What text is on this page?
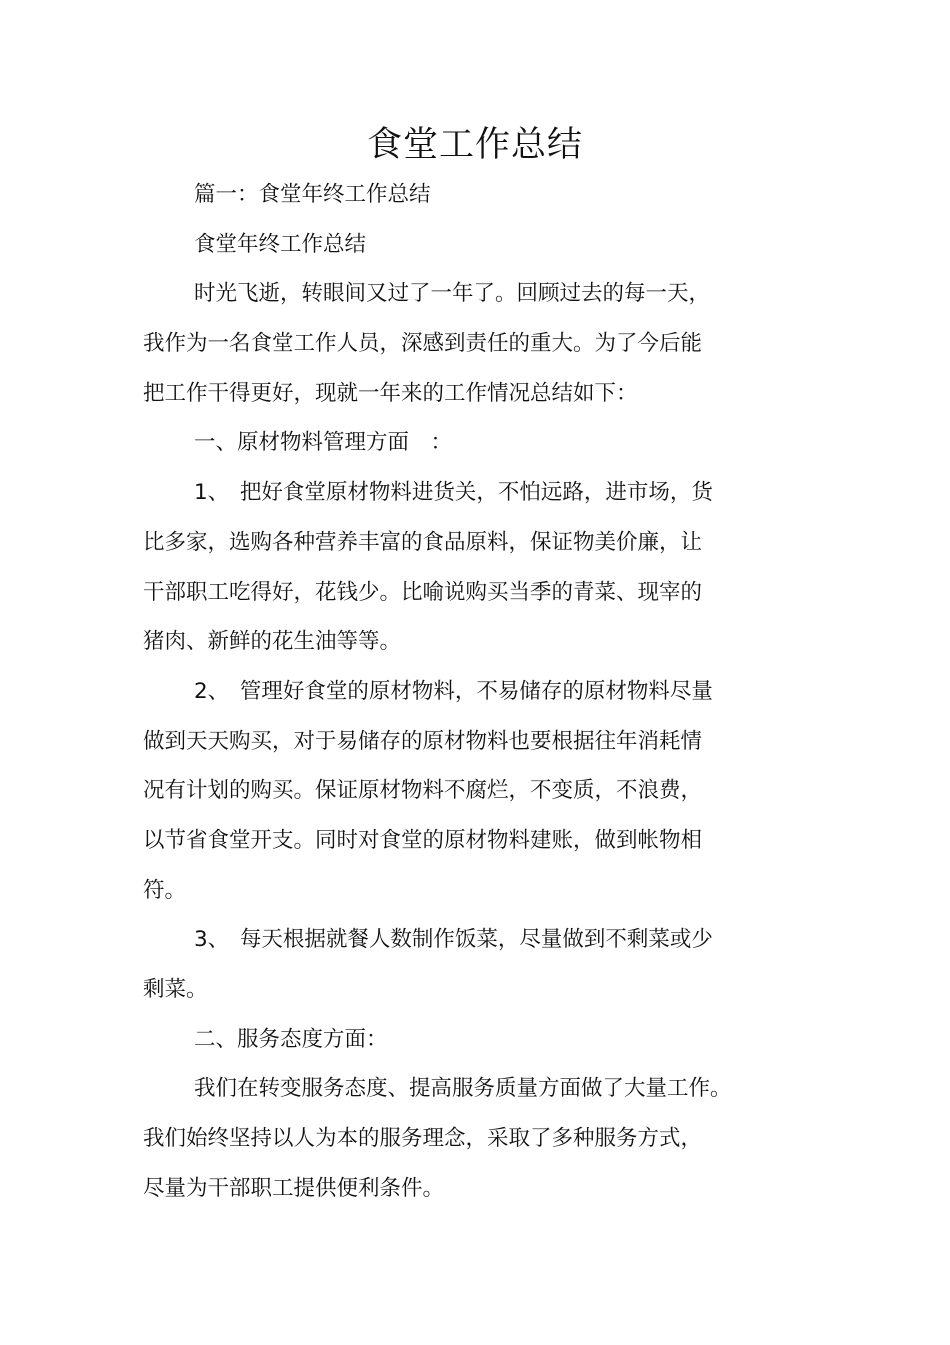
食堂工作总结
篇一：食堂年终工作总结
食堂年终工作总结
时光飞逝，转眼间又过了一年了。回顾过去的每一天，
我作为一名食堂工作人员，深感到责任的重大。为了今后能
把工作干得更好，现就一年来的工作情况总结如下：
一、原材物料管理方面　：
1、　把好食堂原材物料进货关，不怕远路，进市场，货
比多家，选购各种营养丰富的食品原料，保证物美价廉，让
干部职工吃得好，花钱少。比喻说购买当季的青菜、现宰的
猪肉、新鲜的花生油等等。
2、　管理好食堂的原材物料，不易储存的原材物料尽量
做到天天购买，对于易储存的原材物料也要根据往年消耗情
况有计划的购买。保证原材物料不腐烂，不变质，不浪费，
以节省食堂开支。同时对食堂的原材物料建账，做到帐物相
符。
3、　每天根据就餐人数制作饭菜，尽量做到不剩菜或少
剩菜。
二、服务态度方面：
我们在转变服务态度、提高服务质量方面做了大量工作。
我们始终坚持以人为本的服务理念，采取了多种服务方式，
尽量为干部职工提供便利条件。
